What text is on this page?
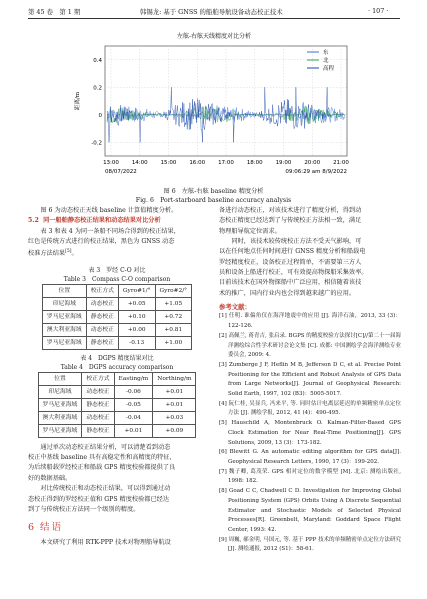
第 45 卷　第 1 期	韩锡龙: 基于 GNSS 的船舶导航设备动态校正技术	· 107 ·
左舷-右舷天线精度对比分析
0.4
0.2
0
-0.2
距离/m
13:00 14:00 15:00 16:00 17:00 18:00 19:00 20:00 21:00
08/07/2022	09:06:29 am 8/9/2022
东
北
高程
图 6　左舷-右舷 baseline 精度分析
Fig. 6　Port-starboard baseline accuracy analysis

图 6 为动态校正天线 baseline 计算值精度分析。

5.2 同一船舶静态校正结果和动态结果对比分析

表 3 和表 4 为同一条船不同场合得到的校正结果，

红色是传统方式进行的校正结果，黑色为 GNSS 动态

校准方法结果[5]。

表 3　罗经 C-O 对比
Table 3　Compass C-O comparison
位置	校正方式	Gyro#1/°	Gyro#2/°
印尼海域	动态校正	+0.05	+1.05
罗马尼亚海域	静态校正	+0.10	+0.72
澳大利亚海域	动态校正	+0.00	+0.81
罗马尼亚海域	静态校正	-0.13	+1.00
表 4　DGPS 精度结果对比
Table 4　DGPS accuracy comparison
位置	校正方式	Easting/m	Northing/m
印尼海域	动态校正	-0.06	+0.01
罗马尼亚海域	静态校正	-0.05	+0.01
澳大利亚海域	动态校正	-0.04	+0.03
罗马尼亚海域	静态校正	+0.01	+0.09

通过单次动态校正结果分析，可以清楚看到动态

校正中基线 baseline 具有高稳定性和高精度的特征，

为后续船载罗经校正和船载 GPS 精度校验都提供了良

好的数据基础。

对比传统校正和动态校正结果，可以得到通过动

态校正得到的罗经校正值和 GPS 精度校验都已经达

到了与传统校正方法同一个级别的精度。

6 结语

本文研究了利用 RTK-PPP 技术对物理船导航设

备进行动态校正，对该技术进行了精度分析，得到动

态校正精度已经达到了与传统校正方法相一致，满足

物理船导航定位需求。

同时，该技术较传统校正方法不受天气影响，可

以在任何地点任何时间进行 GNSS 精度分析和船载电

罗经精度校正，设备校正过程简单，不需要第三方人

员和设备上船进行校正，可有效提高物探船采集效率。

目前该技术在国外物探船中广泛应用，相信随着该技

术的推广，国内行业内也会得到越来越广的应用。

参考文献：

[1] 任明. 谁偏角仅在海洋地震中的应用 [J]. 海洋石油，2013, 33 (3)：122-126.

[2] 高佩兰, 蒋青吉, 张启录. BGPS 的精度校验方法探讨[C]//第二十一届海洋测绘综合性学术研讨会论文集 [C]. 成都: 中国测绘学会海洋测绘专业委员会, 2009: 4.

[3] Zumberge J F, Heflin M B, Jefferson D C, et al. Precise Point Positioning for the Efficient and Robust Analysis of GPS Data from Large Networks[J]. Journal of Geophysical Research: Solid Earth, 1997, 102 (B3)：5005-5017.

[4] 阮仁桂, 吴显兵, 冯来平, 等. 同时估计电离层延迟的单频精密单点定位方法 [J]. 测绘学报, 2012, 41 (4)：490-495.

[5] Hauschild A, Montenbruck O. Kalman-Filter-Based GPS Clock Estimation for Near Real-Time Positioning[J]. GPS Solutions, 2009, 13 (3)：173-182.

[6] Blewitt G. An automatic editing algorithm for GPS data[J]. Geophysical Research Letters, 1990, 17 (3)：199-202.

[7] 魏子卿, 葛茂荣. GPS 相对定位的数学模型 [M]. 北京: 测绘出版社, 1998: 182.

[8] Goad C C, Chadwell C D. Investigation for Improving Global Positioning System (GPS) Orbits Using A Discrete Sequential Estimator and Stochastic Models of Selected Physical Processes[R]. Greenbelt, Maryland: Goddard Space Flight Center, 1993: 42.

[9] 周巍, 郝金明, 马国元, 等. 基于 PPP 技术的单频精密单点定位方法研究 [J]. 测绘通报, 2012 (S1)：58-61.
